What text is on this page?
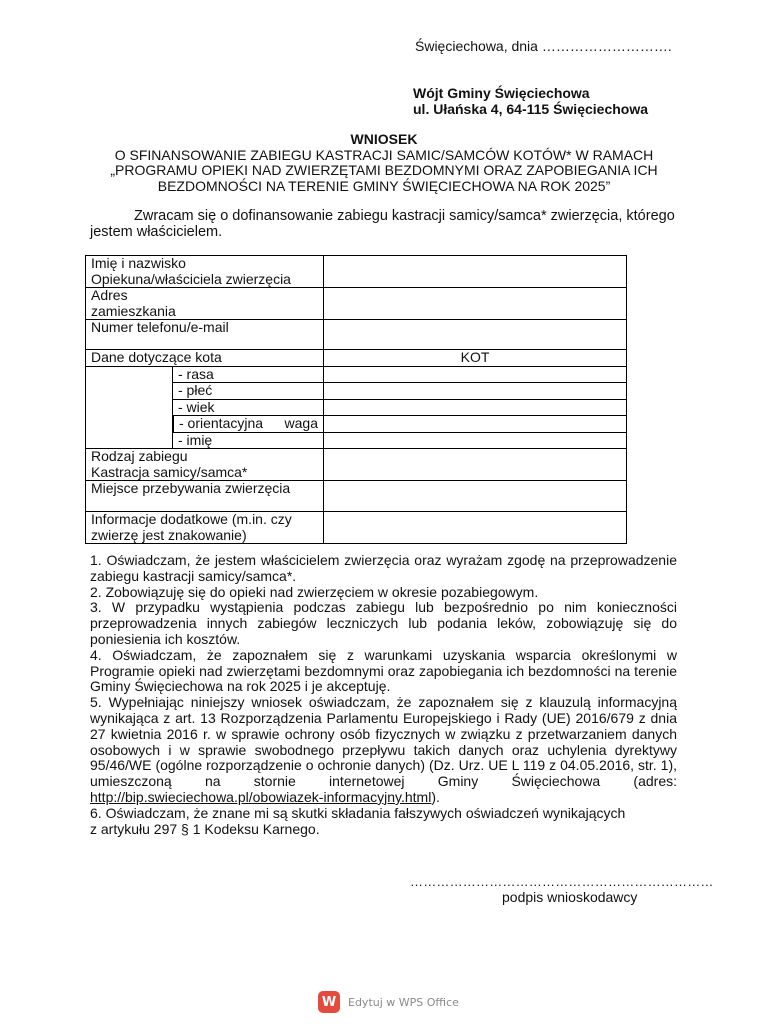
Święciechowa, dnia ……………………….
Wójt Gminy Święciechowa
ul. Ułańska 4, 64-115 Święciechowa
WNIOSEK
O SFINANSOWANIE ZABIEGU KASTRACJI SAMIC/SAMCÓW KOTÓW* W RAMACH
„PROGRAMU OPIEKI NAD ZWIERZĘTAMI BEZDOMNYMI ORAZ ZAPOBIEGANIA ICH
BEZDOMNOŚCI NA TERENIE GMINY ŚWIĘCIECHOWA NA ROK 2025”
Zwracam się o dofinansowanie zabiegu kastracji samicy/samca* zwierzęcia, którego jestem właścicielem.
Imię i nazwisko
Opiekuna/właściciela zwierzęcia		

Adres
zamieszkania		

Numer telefonu/e-mail		
Dane dotyczące kota		KOT
	- rasa	
	- płeć	
	- wiek	

- orientacyjna waga

	- imię	

Rodzaj zabiegu
Kastracja samicy/samca*		

Miejsce przebywania zwierzęcia		

Informacje dodatkowe (m.in. czy
zwierzę jest znakowanie)		

1. Oświadczam, że jestem właścicielem zwierzęcia oraz wyrażam zgodę na przeprowadzenie zabiegu kastracji samicy/samca*.

2. Zobowiązuję się do opieki nad zwierzęciem w okresie pozabiegowym.

3. W przypadku wystąpienia podczas zabiegu lub bezpośrednio po nim konieczności przeprowadzenia innych zabiegów leczniczych lub podania leków, zobowiązuję się do poniesienia ich kosztów.

4. Oświadczam, że zapoznałem się z warunkami uzyskania wsparcia określonymi w Programie opieki nad zwierzętami bezdomnymi oraz zapobiegania ich bezdomności na terenie Gminy Święciechowa na rok 2025 i je akceptuję.

5. Wypełniając niniejszy wniosek oświadczam, że zapoznałem się z klauzulą informacyjną wynikająca z art. 13 Rozporządzenia Parlamentu Europejskiego i Rady (UE) 2016/679 z dnia 27 kwietnia 2016 r. w sprawie ochrony osób fizycznych w związku z przetwarzaniem danych osobowych i w sprawie swobodnego przepływu takich danych oraz uchylenia dyrektywy 95/46/WE (ogólne rozporządzenie o ochronie danych) (Dz. Urz. UE L 119 z 04.05.2016, str. 1), umieszczoną na stornie internetowej Gminy Święciechowa (adres: http://bip.swieciechowa.pl/obowiazek-informacyjny.html).

6. Oświadczam, że znane mi są skutki składania fałszywych oświadczeń wynikających
z artykułu 297 § 1 Kodeksu Karnego.

……………………………………………………………
podpis wnioskodawcy
W	Edytuj w WPS Office
